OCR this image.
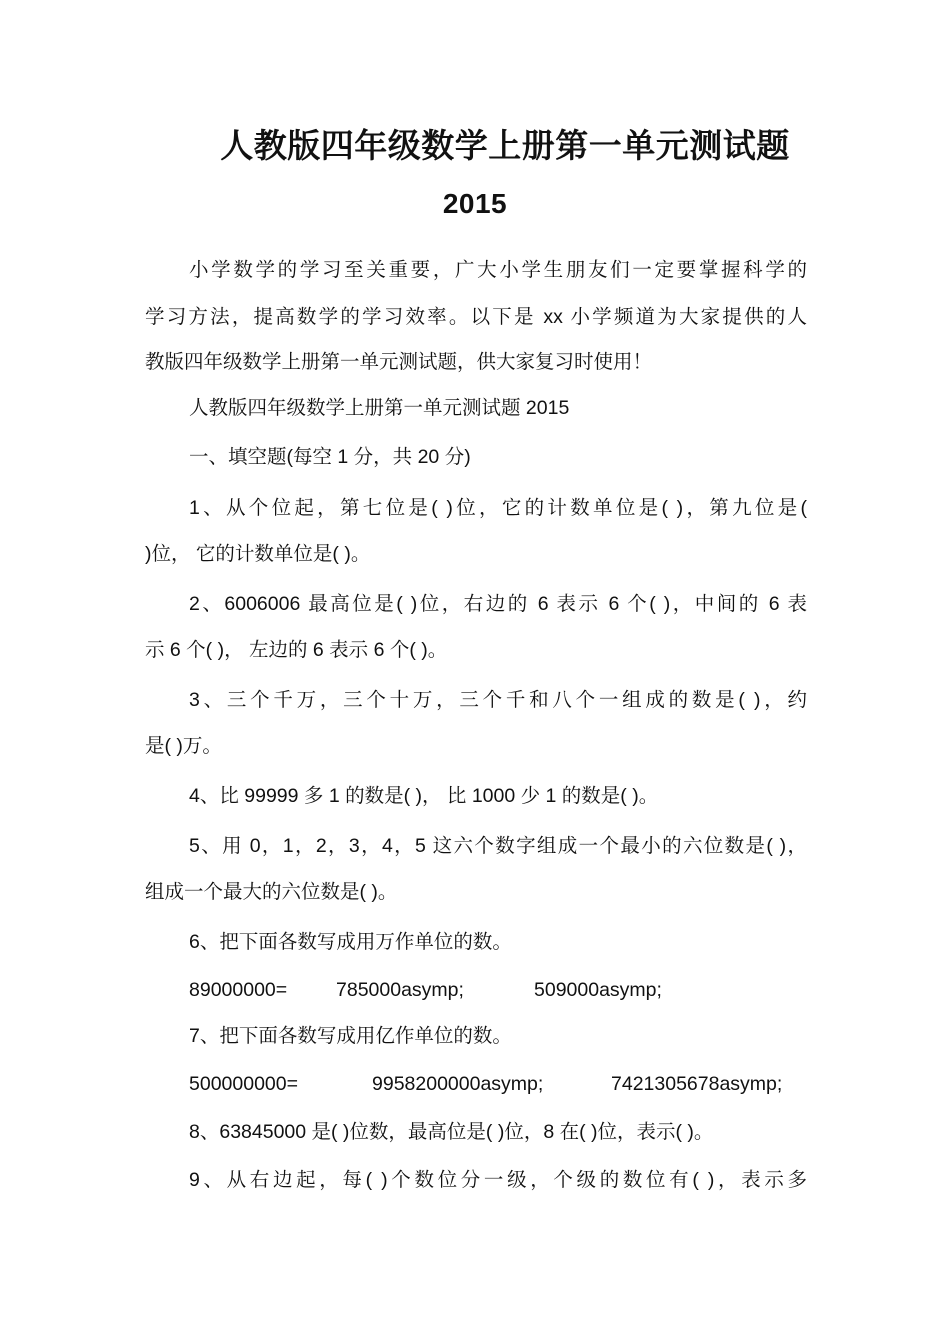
人教版四年级数学上册第一单元测试题
2015
小学数学的学习至关重要，广大小学生朋友们一定要掌握科学的
学习方法，提高数学的学习效率。以下是 xx 小学频道为大家提供的人
教版四年级数学上册第一单元测试题，供大家复习时使用！
人教版四年级数学上册第一单元测试题 2015
一、填空题(每空 1 分，共 20 分)
1、从个位起，第七位是( )位，它的计数单位是( )，第九位是(
)位， 它的计数单位是( )。
2、6006006 最高位是( )位，右边的 6 表示 6 个( )，中间的 6 表
示 6 个( )， 左边的 6 表示 6 个( )。
3、三个千万，三个十万，三个千和八个一组成的数是( )，约
是( )万。
4、比 99999 多 1 的数是( )， 比 1000 少 1 的数是( )。
5、用 0，1，2，3，4，5 这六个数字组成一个最小的六位数是( )，
组成一个最大的六位数是( )。
6、把下面各数写成用万作单位的数。
89000000=	785000asymp;	509000asymp;
7、把下面各数写成用亿作单位的数。
500000000=	9958200000asymp;	7421305678asymp;
8、63845000 是( )位数，最高位是( )位，8 在( )位，表示( )。
9、从右边起，每( )个数位分一级，个级的数位有( )，表示多
